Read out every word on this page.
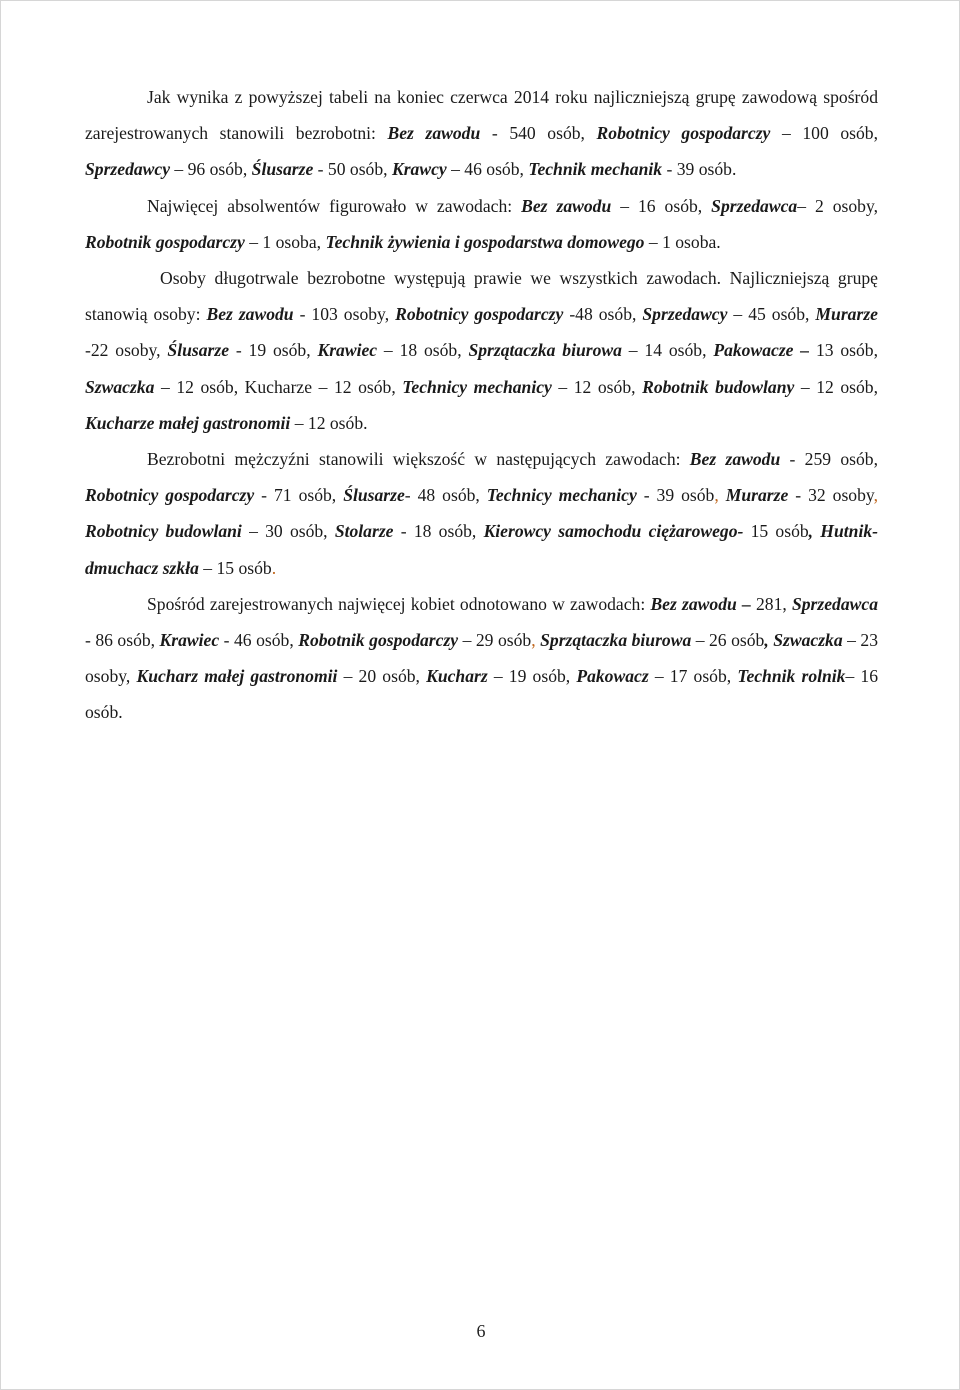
Jak wynika z powyższej tabeli na koniec czerwca 2014 roku najliczniejszą grupę zawodową spośród zarejestrowanych stanowili bezrobotni: Bez zawodu - 540 osób, Robotnicy gospodarczy – 100 osób, Sprzedawcy – 96 osób, Ślusarze - 50 osób, Krawcy – 46 osób, Technik mechanik - 39 osób.

Najwięcej absolwentów figurowało w zawodach: Bez zawodu – 16 osób, Sprzedawca– 2 osoby, Robotnik gospodarczy – 1 osoba, Technik żywienia i gospodarstwa domowego – 1 osoba.

Osoby długotrwale bezrobotne występują prawie we wszystkich zawodach. Najliczniejszą grupę stanowią osoby: Bez zawodu - 103 osoby, Robotnicy gospodarczy -48 osób, Sprzedawcy – 45 osób, Murarze -22 osoby, Ślusarze - 19 osób, Krawiec – 18 osób, Sprzątaczka biurowa – 14 osób, Pakowacze – 13 osób, Szwaczka – 12 osób, Kucharze – 12 osób, Technicy mechanicy – 12 osób, Robotnik budowlany – 12 osób, Kucharze małej gastronomii – 12 osób.

Bezrobotni mężczyźni stanowili większość w następujących zawodach: Bez zawodu - 259 osób, Robotnicy gospodarczy - 71 osób, Ślusarze- 48 osób, Technicy mechanicy - 39 osób, Murarze - 32 osoby, Robotnicy budowlani – 30 osób, Stolarze - 18 osób, Kierowcy samochodu ciężarowego- 15 osób, Hutnik-dmuchacz szkła – 15 osób.

Spośród zarejestrowanych najwięcej kobiet odnotowano w zawodach: Bez zawodu – 281, Sprzedawca - 86 osób, Krawiec - 46 osób, Robotnik gospodarczy – 29 osób, Sprzątaczka biurowa – 26 osób, Szwaczka – 23 osoby, Kucharz małej gastronomii – 20 osób, Kucharz – 19 osób, Pakowacz – 17 osób, Technik rolnik– 16 osób.

6
